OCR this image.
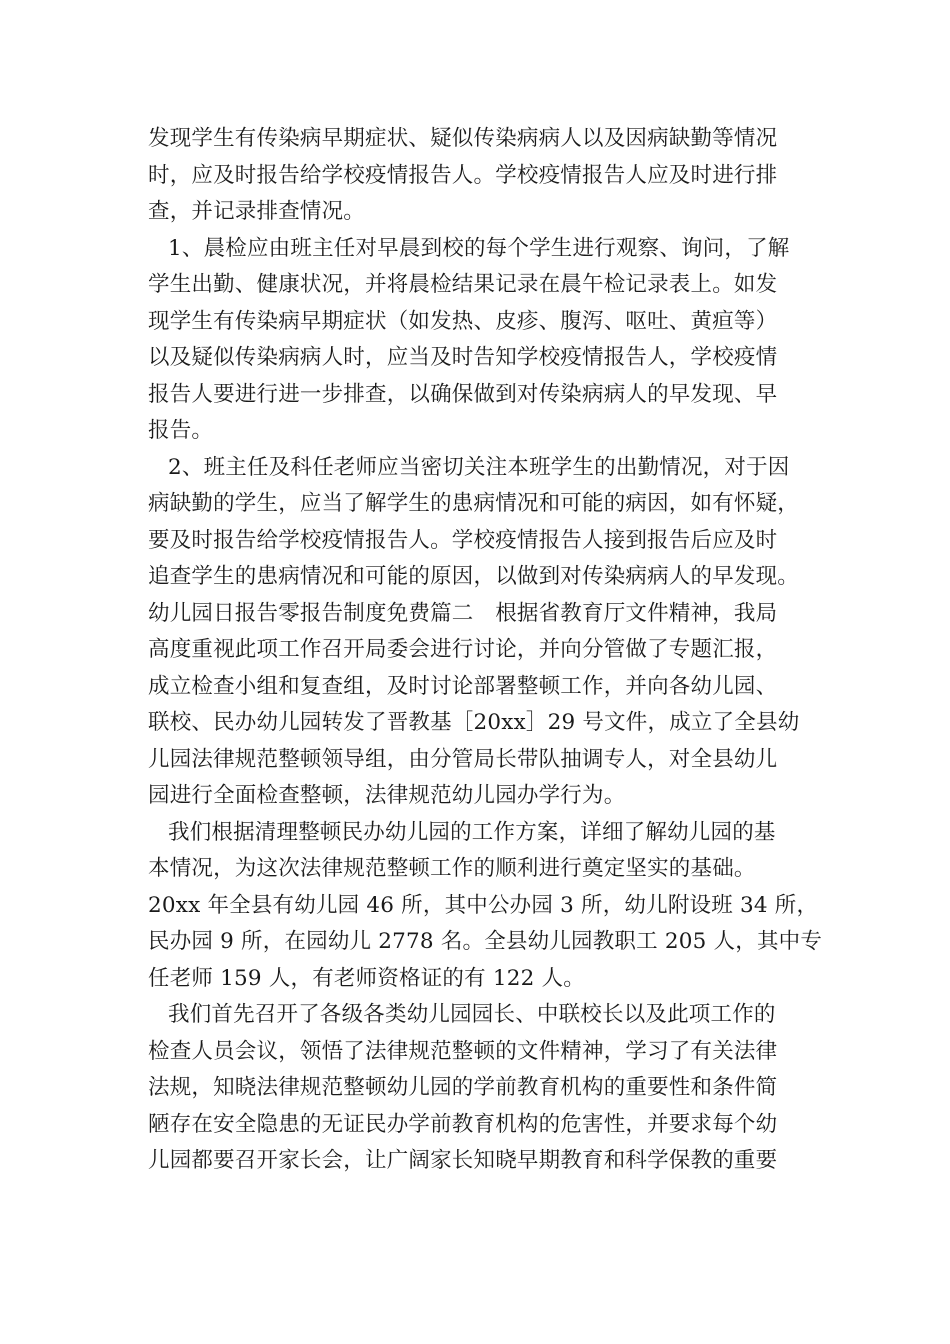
发现学生有传染病早期症状、疑似传染病病人以及因病缺勤等情况
时，应及时报告给学校疫情报告人。学校疫情报告人应及时进行排
查，并记录排查情况。
1、晨检应由班主任对早晨到校的每个学生进行观察、询问，了解
学生出勤、健康状况，并将晨检结果记录在晨午检记录表上。如发
现学生有传染病早期症状（如发热、皮疹、腹泻、呕吐、黄疸等）
以及疑似传染病病人时，应当及时告知学校疫情报告人，学校疫情
报告人要进行进一步排查，以确保做到对传染病病人的早发现、早
报告。
2、班主任及科任老师应当密切关注本班学生的出勤情况，对于因
病缺勤的学生，应当了解学生的患病情况和可能的病因，如有怀疑，
要及时报告给学校疫情报告人。学校疫情报告人接到报告后应及时
追查学生的患病情况和可能的原因，以做到对传染病病人的早发现。
幼儿园日报告零报告制度免费篇二　根据省教育厅文件精神，我局
高度重视此项工作召开局委会进行讨论，并向分管做了专题汇报，
成立检查小组和复查组，及时讨论部署整顿工作，并向各幼儿园、
联校、民办幼儿园转发了晋教基［20xx］29 号文件，成立了全县幼
儿园法律规范整顿领导组，由分管局长带队抽调专人，对全县幼儿
园进行全面检查整顿，法律规范幼儿园办学行为。
我们根据清理整顿民办幼儿园的工作方案，详细了解幼儿园的基
本情况，为这次法律规范整顿工作的顺利进行奠定坚实的基础。
20xx 年全县有幼儿园 46 所，其中公办园 3 所，幼儿附设班 34 所，
民办园 9 所，在园幼儿 2778 名。全县幼儿园教职工 205 人，其中专
任老师 159 人，有老师资格证的有 122 人。
我们首先召开了各级各类幼儿园园长、中联校长以及此项工作的
检查人员会议，领悟了法律规范整顿的文件精神，学习了有关法律
法规，知晓法律规范整顿幼儿园的学前教育机构的重要性和条件简
陋存在安全隐患的无证民办学前教育机构的危害性，并要求每个幼
儿园都要召开家长会，让广阔家长知晓早期教育和科学保教的重要
